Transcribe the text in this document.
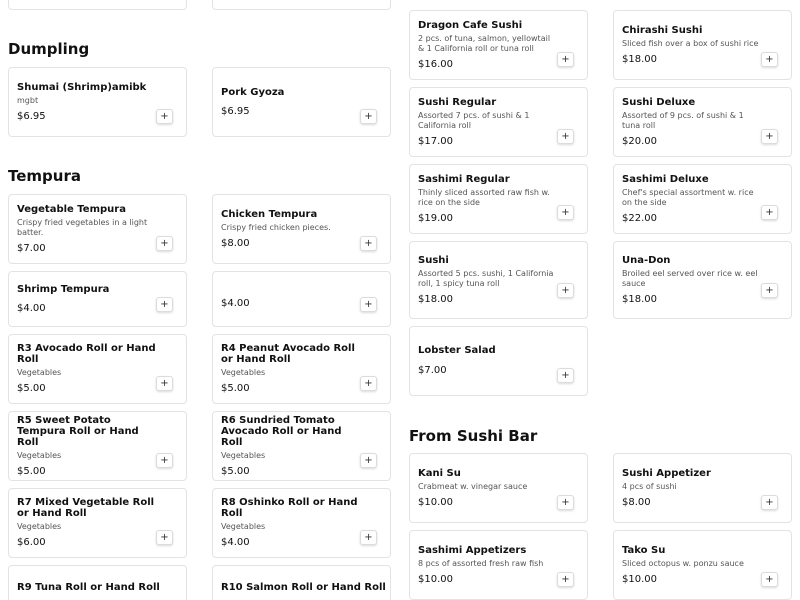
Dumpling
Tempura
From Sushi Bar
Shumai (Shrimp)amibk
mgbt
$6.95	+
Vegetable Tempura
Crispy fried vegetables in a light batter.
$7.00	+
Shrimp Tempura
$4.00	+
R3 Avocado Roll or Hand Roll
Vegetables
$5.00	+
R5 Sweet Potato Tempura Roll or Hand Roll
Vegetables
$5.00
+
R7 Mixed Vegetable Roll or Hand Roll
Vegetables
$6.00	+
R9 Tuna Roll or Hand Roll
Pork Gyoza
$6.95	+
Chicken Tempura
Crispy fried chicken pieces.
$8.00	+
$4.00	+
R4 Peanut Avocado Roll or Hand Roll
Vegetables
$5.00	+
R6 Sundried Tomato Avocado Roll or Hand Roll
Vegetables
$5.00
+
R8 Oshinko Roll or Hand Roll
Vegetables
$4.00	+
R10 Salmon Roll or Hand Roll
Dragon Cafe Sushi
2 pcs. of tuna, salmon, yellowtail & 1 California roll or tuna roll
$16.00	+
Sushi Regular
Assorted 7 pcs. of sushi & 1 California roll
$17.00	+
Sashimi Regular
Thinly sliced assorted raw fish w. rice on the side
$19.00	+
Sushi
Assorted 5 pcs. sushi, 1 California roll, 1 spicy tuna roll
$18.00
+
Lobster Salad
$7.00	+
Kani Su
Crabmeat w. vinegar sauce
$10.00	+
Sashimi Appetizers
8 pcs of assorted fresh raw fish
$10.00	+
Chirashi Sushi
Sliced fish over a box of sushi rice
$18.00	+
Sushi Deluxe
Assorted of 9 pcs. of sushi & 1 tuna roll
$20.00	+
Sashimi Deluxe
Chef's special assortment w. rice on the side
$22.00	+
Una-Don
Broiled eel served over rice w. eel sauce
$18.00
+
Sushi Appetizer
4 pcs of sushi
$8.00	+
Tako Su
Sliced octopus w. ponzu sauce
$10.00	+
